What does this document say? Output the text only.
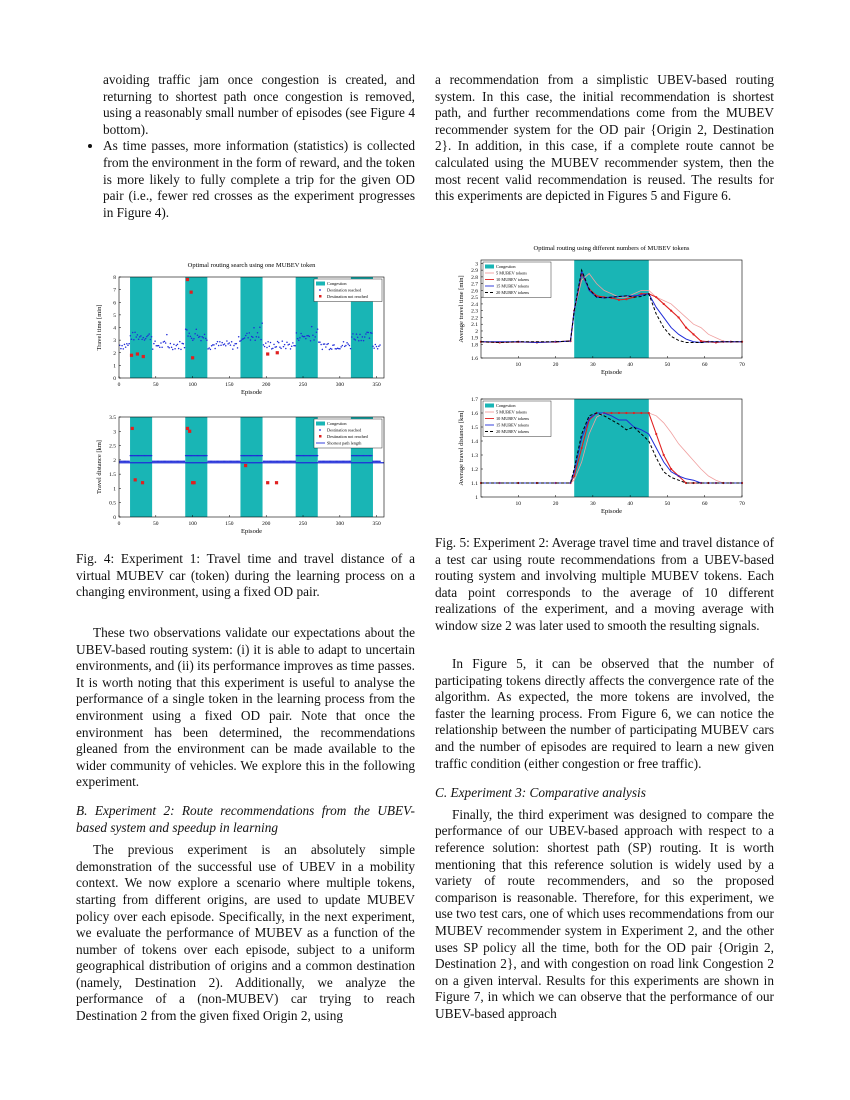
avoiding traffic jam once congestion is created, and returning to shortest path once congestion is removed, using a reasonably small number of episodes (see Figure 4 bottom).

• As time passes, more information (statistics) is collected from the environment in the form of reward, and the token is more likely to fully complete a trip for the given OD pair (i.e., fewer red crosses as the experiment progresses in Figure 4).
0	50	100	150	200	250	300	350
0
1
2
3
4
5
6
7
8
Episode
Travel time [min]
Optimal routing search using one MUBEV token
Congestion
Destination reached
Destination not reached
0	50	100	150	200	250	300	350
0
0.5
1
1.5
2
2.5
3
3.5
Episode
Travel distance [km]
Congestion
Destination reached
Destination not reached
Shortest path length
Fig. 4: Experiment 1: Travel time and travel distance of a virtual MUBEV car (token) during the learning process on a changing environment, using a fixed OD pair.

These two observations validate our expectations about the UBEV-based routing system: (i) it is able to adapt to uncertain environments, and (ii) its performance improves as time passes. It is worth noting that this experiment is useful to analyse the performance of a single token in the learning process from the environment using a fixed OD pair. Note that once the environment has been determined, the recommendations gleaned from the environment can be made available to the wider community of vehicles. We explore this in the following experiment.

B. Experiment 2: Route recommendations from the UBEV-based system and speedup in learning

The previous experiment is an absolutely simple demonstration of the successful use of UBEV in a mobility context. We now explore a scenario where multiple tokens, starting from different origins, are used to update MUBEV policy over each episode. Specifically, in the next experiment, we evaluate the performance of MUBEV as a function of the number of tokens over each episode, subject to a uniform geographical distribution of origins and a common destination (namely, Destination 2). Additionally, we analyze the performance of a (non-MUBEV) car trying to reach Destination 2 from the given fixed Origin 2, using

a recommendation from a simplistic UBEV-based routing system. In this case, the initial recommendation is shortest path, and further recommendations come from the MUBEV recommender system for the OD pair {Origin 2, Destination 2}. In addition, in this case, if a complete route cannot be calculated using the MUBEV recommender system, then the most recent valid recommendation is reused. The results for this experiments are depicted in Figures 5 and Figure 6.

10	20	30	40	50	60	70
1.6
1.8
1.9
2
2.1
2.2
2.3
2.4
2.5
2.6
2.7
2.8
2.9
3
Episode
Average travel time [min]
Optimal routing using different numbers of MUBEV tokens
Congestion
5 MUBEV tokens
10 MUBEV tokens
15 MUBEV tokens
20 MUBEV tokens
10	20	30	40	50	60	70
1
1.1
1.2
1.3
1.4
1.5
1.6
1.7
Episode
Average travel distance [km]
Congestion
5 MUBEV tokens
10 MUBEV tokens
15 MUBEV tokens
20 MUBEV tokens
Fig. 5: Experiment 2: Average travel time and travel distance of a test car using route recommendations from a UBEV-based routing system and involving multiple MUBEV tokens. Each data point corresponds to the average of 10 different realizations of the experiment, and a moving average with window size 2 was later used to smooth the resulting signals.

In Figure 5, it can be observed that the number of participating tokens directly affects the convergence rate of the algorithm. As expected, the more tokens are involved, the faster the learning process. From Figure 6, we can notice the relationship between the number of participating MUBEV cars and the number of episodes are required to learn a new given traffic condition (either congestion or free traffic).

C. Experiment 3: Comparative analysis

Finally, the third experiment was designed to compare the performance of our UBEV-based approach with respect to a reference solution: shortest path (SP) routing. It is worth mentioning that this reference solution is widely used by a variety of route recommenders, and so the proposed comparison is reasonable. Therefore, for this experiment, we use two test cars, one of which uses recommendations from our MUBEV recommender system in Experiment 2, and the other uses SP policy all the time, both for the OD pair {Origin 2, Destination 2}, and with congestion on road link Congestion 2 on a given interval. Results for this experiments are shown in Figure 7, in which we can observe that the performance of our UBEV-based approach
